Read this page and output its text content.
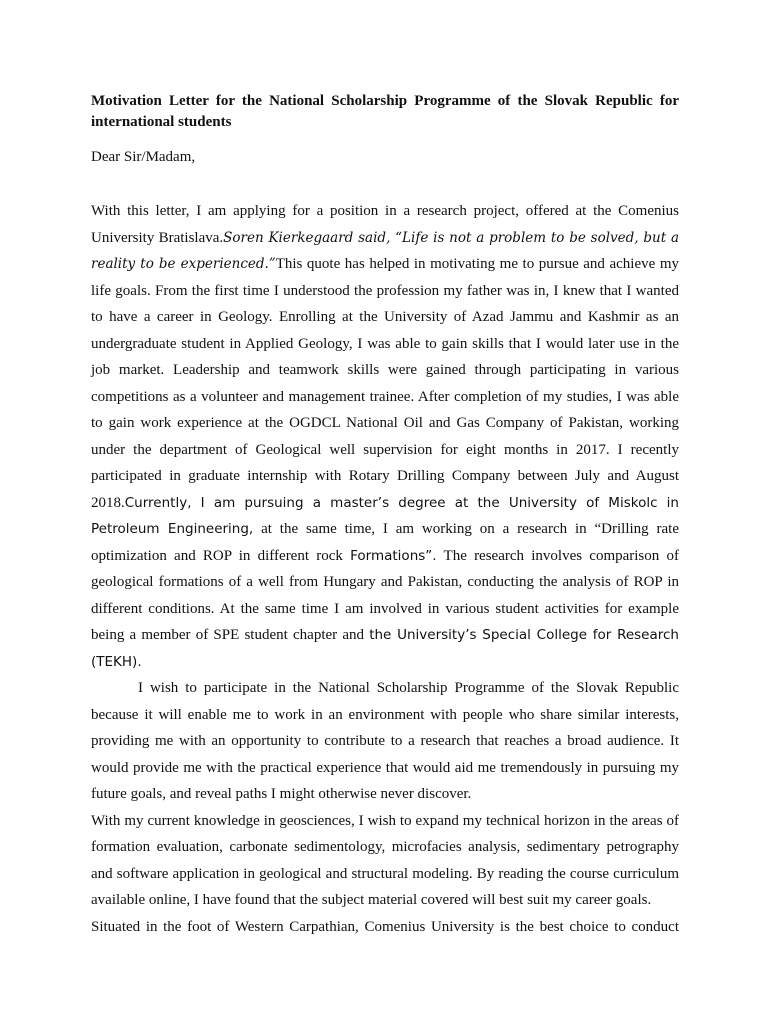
Motivation Letter for the National Scholarship Programme of the Slovak Republic for international students
Dear Sir/Madam,

With this letter, I am applying for a position in a research project, offered at the Comenius University Bratislava.Soren Kierkegaard said, “Life is not a problem to be solved, but a reality to be experienced.”This quote has helped in motivating me to pursue and achieve my life goals. From the first time I understood the profession my father was in, I knew that I wanted to have a career in Geology. Enrolling at the University of Azad Jammu and Kashmir as an undergraduate student in Applied Geology, I was able to gain skills that I would later use in the job market. Leadership and teamwork skills were gained through participating in various competitions as a volunteer and management trainee. After completion of my studies, I was able to gain work experience at the OGDCL National Oil and Gas Company of Pakistan, working under the department of Geological well supervision for eight months in 2017. I recently participated in graduate internship with Rotary Drilling Company between July and August 2018.Currently, I am pursuing a master’s degree at the University of Miskolc in Petroleum Engineering, at the same time, I am working on a research in “Drilling rate optimization and ROP in different rock Formations”. The research involves comparison of geological formations of a well from Hungary and Pakistan, conducting the analysis of ROP in different conditions. At the same time I am involved in various student activities for example being a member of SPE student chapter and the University’s Special College for Research (TEKH).

I wish to participate in the National Scholarship Programme of the Slovak Republic because it will enable me to work in an environment with people who share similar interests, providing me with an opportunity to contribute to a research that reaches a broad audience. It would provide me with the practical experience that would aid me tremendously in pursuing my future goals, and reveal paths I might otherwise never discover.

With my current knowledge in geosciences, I wish to expand my technical horizon in the areas of formation evaluation, carbonate sedimentology, microfacies analysis, sedimentary petrography and software application in geological and structural modeling. By reading the course curriculum available online, I have found that the subject material covered will best suit my career goals.

Situated in the foot of Western Carpathian, Comenius University is the best choice to conduct
